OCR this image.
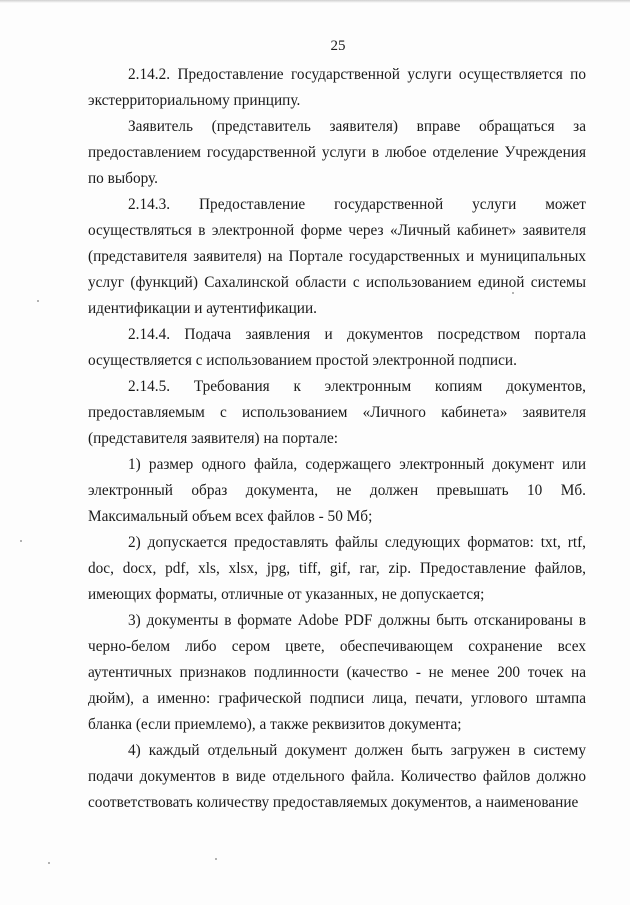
25

2.14.2. Предоставление государственной услуги осуществляется по экстерриториальному принципу.

Заявитель (представитель заявителя) вправе обращаться за предоставлением государственной услуги в любое отделение Учреждения по выбору.

2.14.3. Предоставление государственной услуги может осуществляться в электронной форме через «Личный кабинет» заявителя (представителя заявителя) на Портале государственных и муниципальных услуг (функций) Сахалинской области с использованием единой системы идентификации и аутентификации.

2.14.4. Подача заявления и документов посредством портала осуществляется с использованием простой электронной подписи.

2.14.5. Требования к электронным копиям документов, предоставляемым с использованием «Личного кабинета» заявителя (представителя заявителя) на портале:

1) размер одного файла, содержащего электронный документ или электронный образ документа, не должен превышать 10 Мб. Максимальный объем всех файлов - 50 Мб;

2) допускается предоставлять файлы следующих форматов: txt, rtf, doc, docx, pdf, xls, xlsx, jpg, tiff, gif, rar, zip. Предоставление файлов, имеющих форматы, отличные от указанных, не допускается;

3) документы в формате Adobe PDF должны быть отсканированы в черно-белом либо сером цвете, обеспечивающем сохранение всех аутентичных признаков подлинности (качество - не менее 200 точек на дюйм), а именно: графической подписи лица, печати, углового штампа бланка (если приемлемо), а также реквизитов документа;

4) каждый отдельный документ должен быть загружен в систему подачи документов в виде отдельного файла. Количество файлов должно соответствовать количеству предоставляемых документов, а наименование
